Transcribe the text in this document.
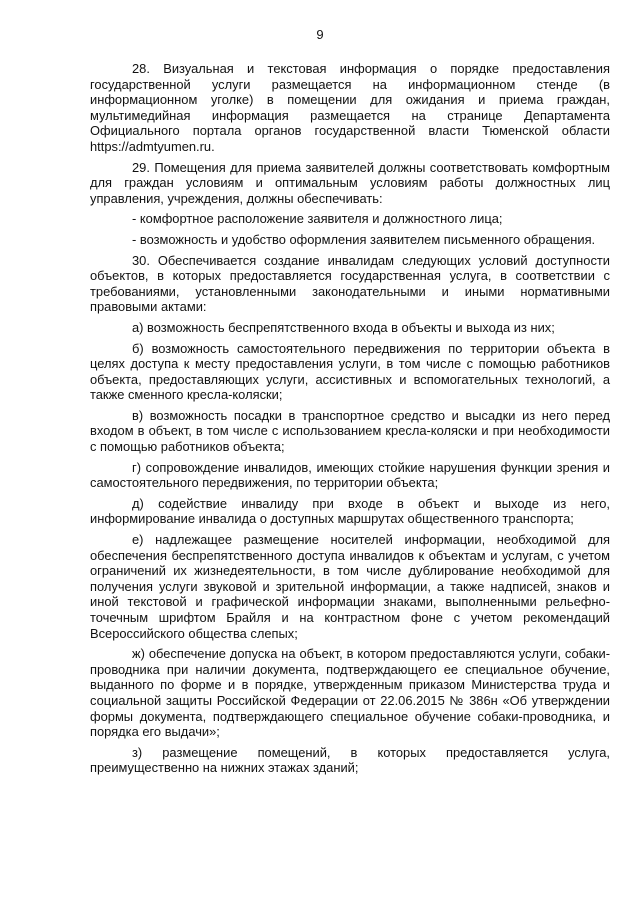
9

28. Визуальная и текстовая информация о порядке предоставления государственной услуги размещается на информационном стенде (в информационном уголке) в помещении для ожидания и приема граждан, мультимедийная информация размещается на странице Департамента Официального портала органов государственной власти Тюменской области https://admtyumen.ru.

29. Помещения для приема заявителей должны соответствовать комфортным для граждан условиям и оптимальным условиям работы должностных лиц управления, учреждения, должны обеспечивать:

- комфортное расположение заявителя и должностного лица;

- возможность и удобство оформления заявителем письменного обращения.

30. Обеспечивается создание инвалидам следующих условий доступности объектов, в которых предоставляется государственная услуга, в соответствии с требованиями, установленными законодательными и иными нормативными правовыми актами:

а) возможность беспрепятственного входа в объекты и выхода из них;

б) возможность самостоятельного передвижения по территории объекта в целях доступа к месту предоставления услуги, в том числе с помощью работников объекта, предоставляющих услуги, ассистивных и вспомогательных технологий, а также сменного кресла-коляски;

в) возможность посадки в транспортное средство и высадки из него перед входом в объект, в том числе с использованием кресла-коляски и при необходимости с помощью работников объекта;

г) сопровождение инвалидов, имеющих стойкие нарушения функции зрения и самостоятельного передвижения, по территории объекта;

д) содействие инвалиду при входе в объект и выходе из него, информирование инвалида о доступных маршрутах общественного транспорта;

е) надлежащее размещение носителей информации, необходимой для обеспечения беспрепятственного доступа инвалидов к объектам и услугам, с учетом ограничений их жизнедеятельности, в том числе дублирование необходимой для получения услуги звуковой и зрительной информации, а также надписей, знаков и иной текстовой и графической информации знаками, выполненными рельефно-точечным шрифтом Брайля и на контрастном фоне с учетом рекомендаций Всероссийского общества слепых;

ж) обеспечение допуска на объект, в котором предоставляются услуги, собаки-проводника при наличии документа, подтверждающего ее специальное обучение, выданного по форме и в порядке, утвержденным приказом Министерства труда и социальной защиты Российской Федерации от 22.06.2015 № 386н «Об утверждении формы документа, подтверждающего специальное обучение собаки-проводника, и порядка его выдачи»;

з) размещение помещений, в которых предоставляется услуга, преимущественно на нижних этажах зданий;
